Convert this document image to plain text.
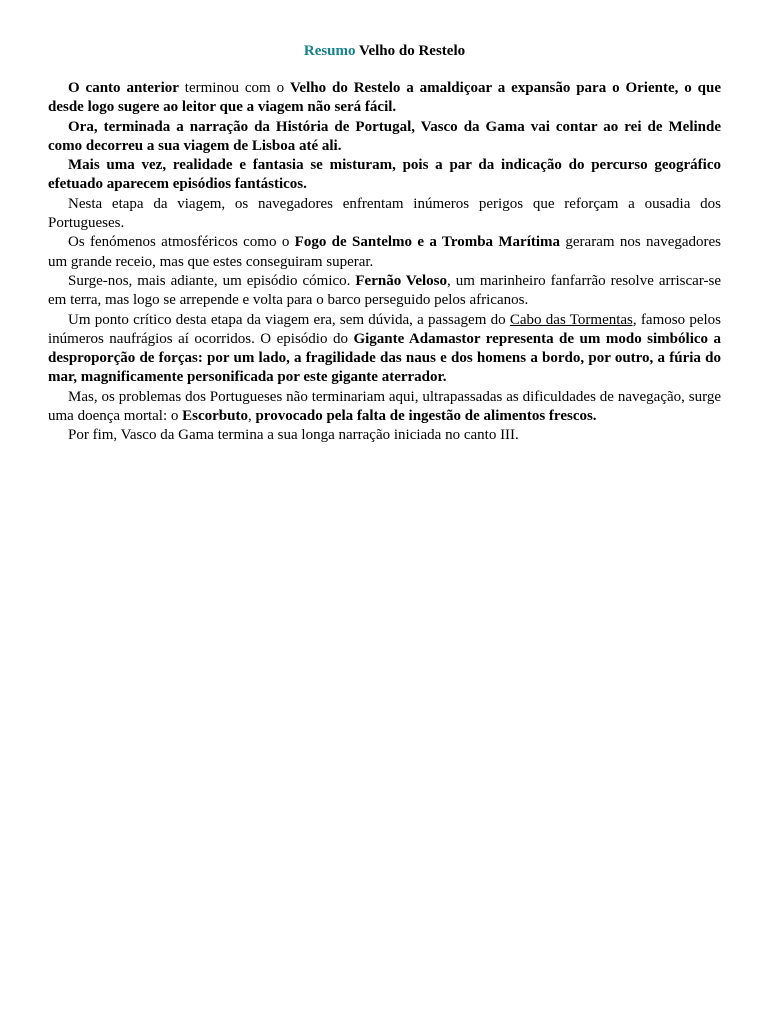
Resumo Velho do Restelo

O canto anterior terminou com o Velho do Restelo a amaldiçoar a expansão para o Oriente, o que desde logo sugere ao leitor que a viagem não será fácil.

Ora, terminada a narração da História de Portugal, Vasco da Gama vai contar ao rei de Melinde como decorreu a sua viagem de Lisboa até ali.

Mais uma vez, realidade e fantasia se misturam, pois a par da indicação do percurso geográfico efetuado aparecem episódios fantásticos.

Nesta etapa da viagem, os navegadores enfrentam inúmeros perigos que reforçam a ousadia dos Portugueses.

Os fenómenos atmosféricos como o Fogo de Santelmo e a Tromba Marítima geraram nos navegadores um grande receio, mas que estes conseguiram superar.

Surge-nos, mais adiante, um episódio cómico. Fernão Veloso, um marinheiro fanfarrão resolve arriscar-se em terra, mas logo se arrepende e volta para o barco perseguido pelos africanos.

Um ponto crítico desta etapa da viagem era, sem dúvida, a passagem do Cabo das Tormentas, famoso pelos inúmeros naufrágios aí ocorridos. O episódio do Gigante Adamastor representa de um modo simbólico a desproporção de forças: por um lado, a fragilidade das naus e dos homens a bordo, por outro, a fúria do mar, magnificamente personificada por este gigante aterrador.

Mas, os problemas dos Portugueses não terminariam aqui, ultrapassadas as dificuldades de navegação, surge uma doença mortal: o Escorbuto, provocado pela falta de ingestão de alimentos frescos.

Por fim, Vasco da Gama termina a sua longa narração iniciada no canto III.
